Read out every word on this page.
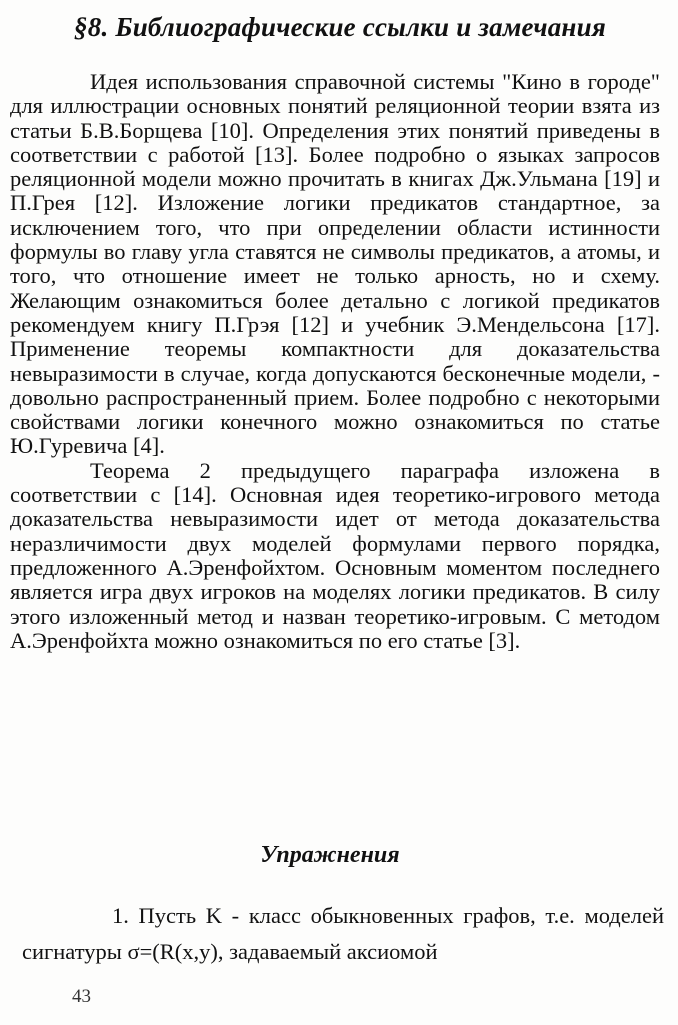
§8. Библиографические ссылки и замечания

Идея использования справочной системы "Кино в городе" для иллюстрации основных понятий реляционной теории взята из статьи Б.В.Борщева [10]. Определения этих понятий приведены в соответствии с работой [13]. Более подробно о языках запросов реляционной модели можно прочитать в книгах Дж.Ульмана [19] и П.Грея [12]. Изложение логики предикатов стандартное, за исключением того, что при определении области истинности формулы во главу угла ставятся не символы предикатов, а атомы, и того, что отношение имеет не только арность, но и схему. Желающим ознакомиться более детально с логикой предикатов рекомендуем книгу П.Грэя [12] и учебник Э.Мендельсона [17]. Применение теоремы компактности для доказательства невыразимости в случае, когда допускаются бесконечные модели, - довольно распространенный прием. Более подробно с некоторыми свойствами логики конечного можно ознакомиться по статье Ю.Гуревича [4].

Теорема 2 предыдущего параграфа изложена в соответствии с [14]. Основная идея теоретико-игрового метода доказательства невыразимости идет от метода доказательства неразличимости двух моделей формулами первого порядка, предложенного А.Эренфойхтом. Основным моментом последнего является игра двух игроков на моделях логики предикатов. В силу этого изложенный метод и назван теоретико-игровым. С методом А.Эренфойхта можно ознакомиться по его статье [3].

Упражнения

1. Пусть K - класс обыкновенных графов, т.е. моделей сигнатуры σ=(R(x,y), задаваемый аксиомой

43
